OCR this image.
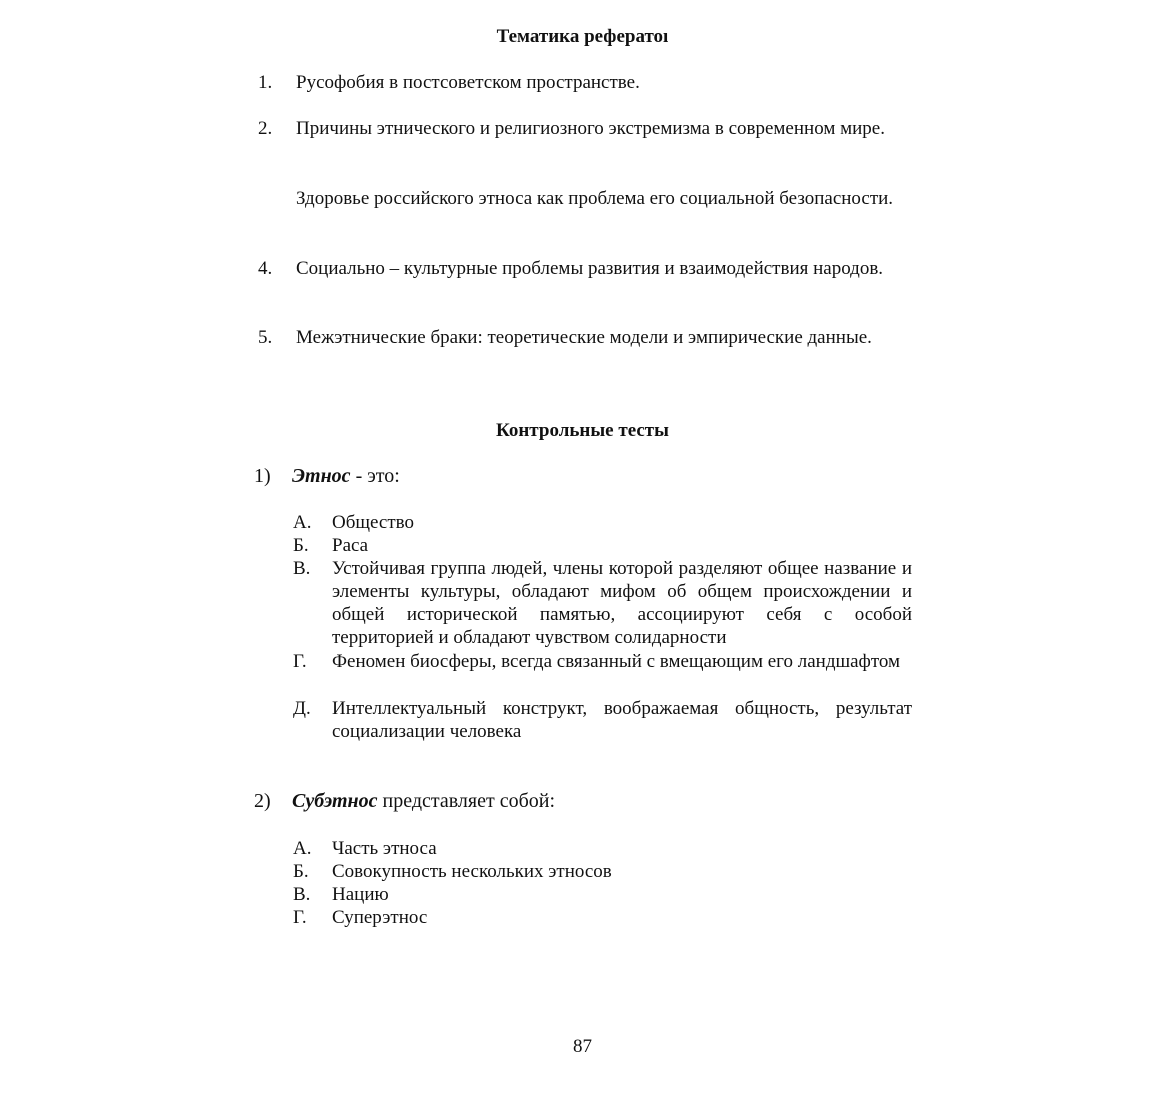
Тематика рефератоı
1. Русофобия в постсоветском пространстве.
2. Причины этнического и религиозного экстремизма в современном мире.
Здоровье российского этноса как проблема его социальной безопасности.
4. Социально – культурные проблемы развития и взаимодействия народов.
5. Межэтнические браки: теоретические модели и эмпирические данные.
Контрольные тесты
1) Этнос - это:
А. Общество
Б. Раса
В. Устойчивая группа людей, члены которой разделяют общее название и элементы культуры, обладают мифом об общем происхождении и общей исторической памятью, ассоциируют себя с особой территорией и обладают чувством солидарности
Г. Феномен биосферы, всегда связанный с вмещающим его ландшафтом
Д. Интеллектуальный конструкт, воображаемая общность, результат социализации человека
2) Субэтнос представляет собой:
А. Часть этноса
Б. Совокупность нескольких этносов
В. Нацию
Г. Суперэтнос
87
